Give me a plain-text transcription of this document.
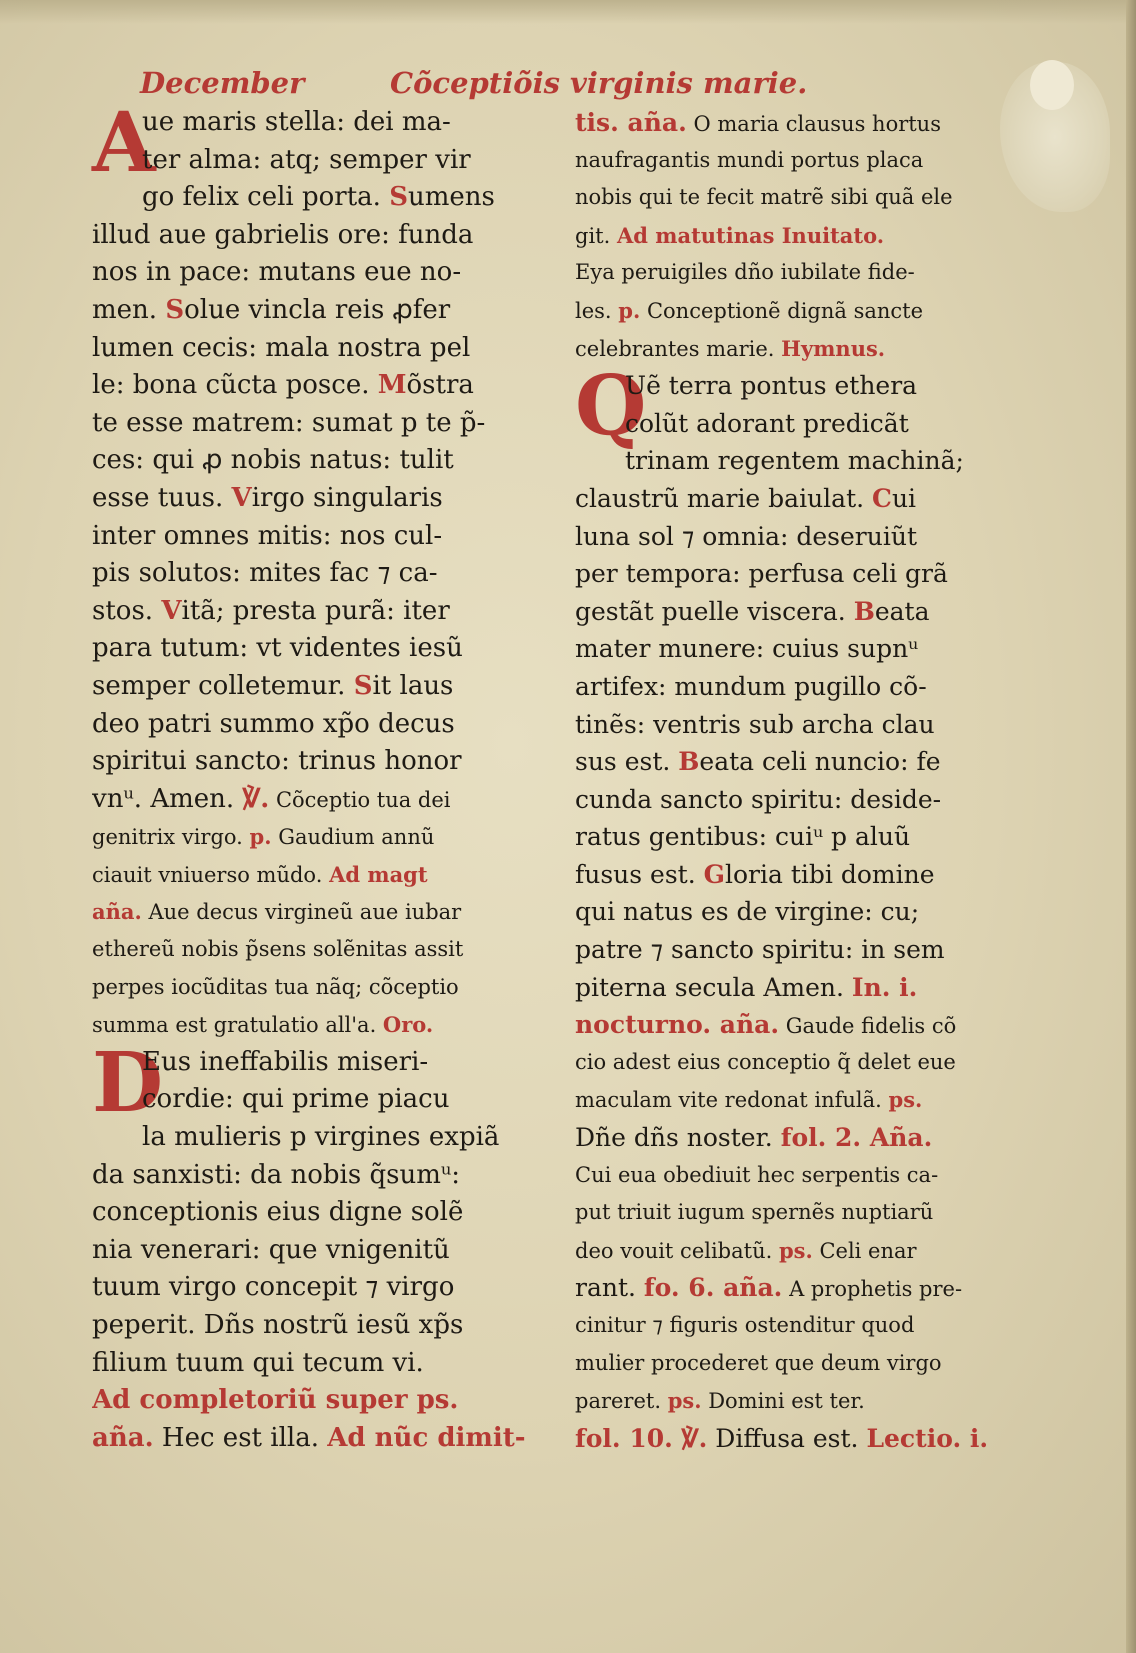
December	Cõceptiõis virginis marie.
A
ue maris stella: dei ma-
ter alma: atq; semper vir
go felix celi porta. Sumens
illud aue gabrielis ore: funda
nos in pace: mutans eue no-
men. Solue vincla reis ꝓfer
lumen cecis: mala nostra pel
le: bona cũcta posce. Mõstra
te esse matrem: sumat p te p̃-
ces: qui ꝓ nobis natus: tulit
esse tuus. Virgo singularis
inter omnes mitis: nos cul-
pis solutos: mites fac ⁊ ca-
stos. Vitã; presta purã: iter
para tutum: vt videntes iesũ
semper colletemur. Sit laus
deo patri summo xp̃o decus
spiritui sancto: trinus honor
vnᵘ. Amen. ℣. Cõceptio tua dei
genitrix virgo. p. Gaudium annũ
ciauit vniuerso mũdo. Ad magt
aña. Aue decus virgineũ aue iubar
ethereũ nobis p̃sens solẽnitas assit
perpes iocũditas tua nãq; cõceptio
summa est gratulatio all'a. Oro.
D
Eus ineffabilis miseri-
cordie: qui prime piacu
la mulieris p virgines expiã
da sanxisti: da nobis q̃sumᵘ:
conceptionis eius digne solẽ
nia venerari: que vnigenitũ
tuum virgo concepit ⁊ virgo
peperit. Dñs nostrũ iesũ xp̃s
filium tuum qui tecum vi.
Ad completoriũ super ps.
aña. Hec est illa. Ad nũc dimit-
tis. aña. O maria clausus hortus
naufragantis mundi portus placa
nobis qui te fecit matrẽ sibi quã ele
git. Ad matutinas Inuitato.
Eya peruigiles dño iubilate fide-
les. p. Conceptionẽ dignã sancte
celebrantes marie. Hymnus.
Q
Uẽ terra pontus ethera
colũt adorant predicãt
trinam regentem machinã;
claustrũ marie baiulat. Cui
luna sol ⁊ omnia: deseruiũt
per tempora: perfusa celi grã
gestãt puelle viscera. Beata
mater munere: cuius supnᵘ
artifex: mundum pugillo cõ-
tinẽs: ventris sub archa clau
sus est. Beata celi nuncio: fe
cunda sancto spiritu: deside-
ratus gentibus: cuiᵘ p aluũ
fusus est. Gloria tibi domine
qui natus es de virgine: cu;
patre ⁊ sancto spiritu: in sem
piterna secula Amen. In. i.
nocturno. aña. Gaude fidelis cõ
cio adest eius conceptio q̃ delet eue
maculam vite redonat infulã. ps.
Dñe dñs noster. fol. 2. Aña.
Cui eua obediuit hec serpentis ca-
put triuit iugum spernẽs nuptiarũ
deo vouit celibatũ. ps. Celi enar
rant. fo. 6. aña. A prophetis pre-
cinitur ⁊ figuris ostenditur quod
mulier procederet que deum virgo
pareret. ps. Domini est ter.
fol. 10. ℣. Diffusa est. Lectio. i.
